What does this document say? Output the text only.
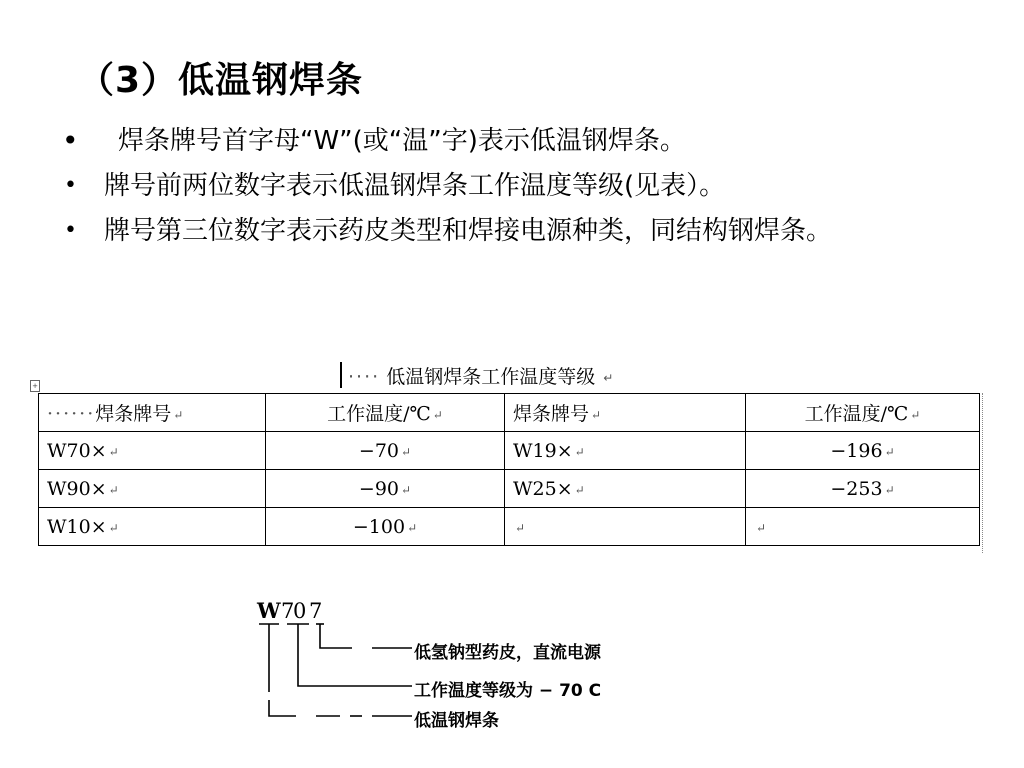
（3）低温钢焊条
• 焊条牌号首字母“W”(或“温”字)表示低温钢焊条。
• 牌号前两位数字表示低温钢焊条工作温度等级(见表）。
• 牌号第三位数字表示药皮类型和焊接电源种类，同结构钢焊条。
+	···· 低温钢焊条工作温度等级 ↵
······焊条牌号 ↵	工作温度/℃ ↵	焊条牌号 ↵	工作温度/℃ ↵
W70× ↵	−70 ↵	W19× ↵	−196 ↵
W90× ↵	−90 ↵	W25× ↵	−253 ↵
W10× ↵	−100 ↵	↵	↵
W70 7
低氢钠型药皮，直流电源
工作温度等级为 − 70 C
低温钢焊条
